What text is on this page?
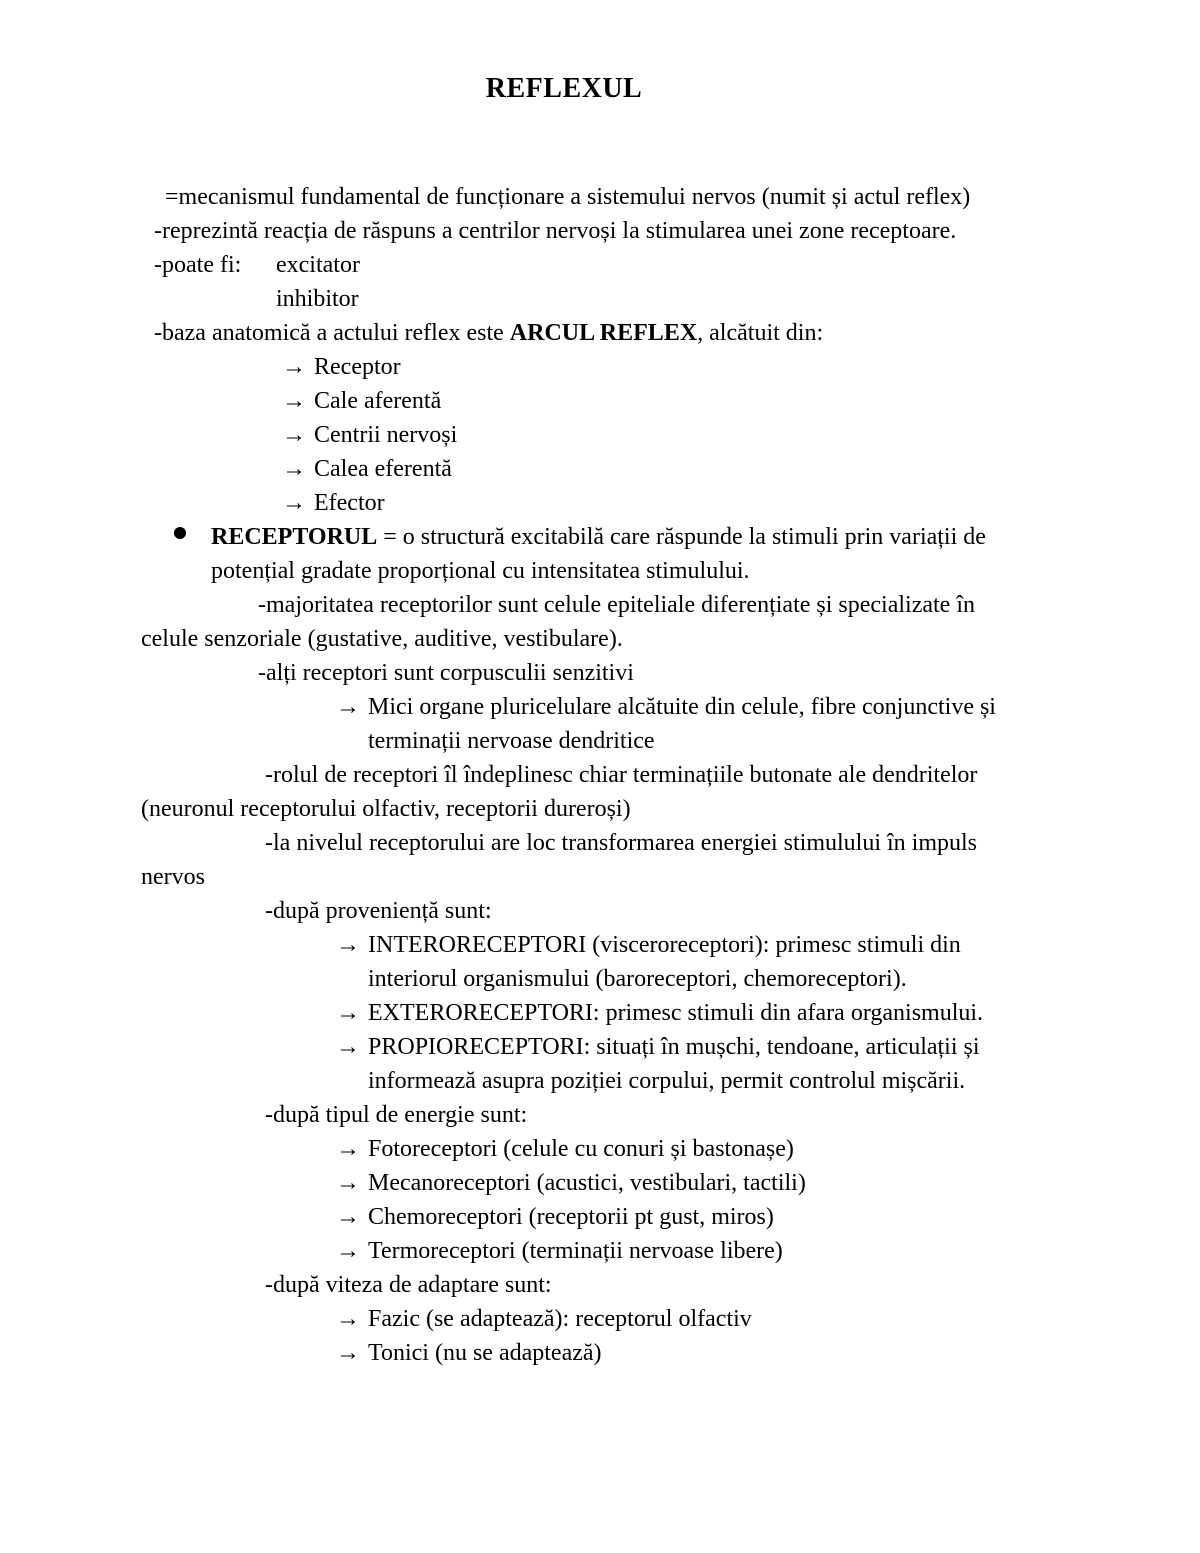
REFLEXUL
=mecanismul fundamental de funcționare a sistemului nervos (numit și actul reflex)
-reprezintă reacția de răspuns a centrilor nervoși la stimularea unei zone receptoare.
-poate fi: excitator
inhibitor
-baza anatomică a actului reflex este ARCUL REFLEX, alcătuit din:
→ Receptor
→ Cale aferentă
→ Centrii nervoși
→ Calea eferentă
→ Efector
RECEPTORUL = o structură excitabilă care răspunde la stimuli prin variații de
potențial gradate proporțional cu intensitatea stimulului.
-majoritatea receptorilor sunt celule epiteliale diferențiate și specializate în
celule senzoriale (gustative, auditive, vestibulare).
-alți receptori sunt corpusculii senzitivi
→ Mici organe pluricelulare alcătuite din celule, fibre conjunctive și
terminații nervoase dendritice
-rolul de receptori îl îndeplinesc chiar terminațiile butonate ale dendritelor
(neuronul receptorului olfactiv, receptorii dureroși)
-la nivelul receptorului are loc transformarea energiei stimulului în impuls
nervos
-după proveniență sunt:
→ INTERORECEPTORI (visceroreceptori): primesc stimuli din
interiorul organismului (baroreceptori, chemoreceptori).
→ EXTERORECEPTORI: primesc stimuli din afara organismului.
→ PROPIORECEPTORI: situați în mușchi, tendoane, articulații și
informează asupra poziției corpului, permit controlul mișcării.
-după tipul de energie sunt:
→ Fotoreceptori (celule cu conuri și bastonașe)
→ Mecanoreceptori (acustici, vestibulari, tactili)
→ Chemoreceptori (receptorii pt gust, miros)
→ Termoreceptori (terminații nervoase libere)
-după viteza de adaptare sunt:
→ Fazic (se adaptează): receptorul olfactiv
→ Tonici (nu se adaptează)
